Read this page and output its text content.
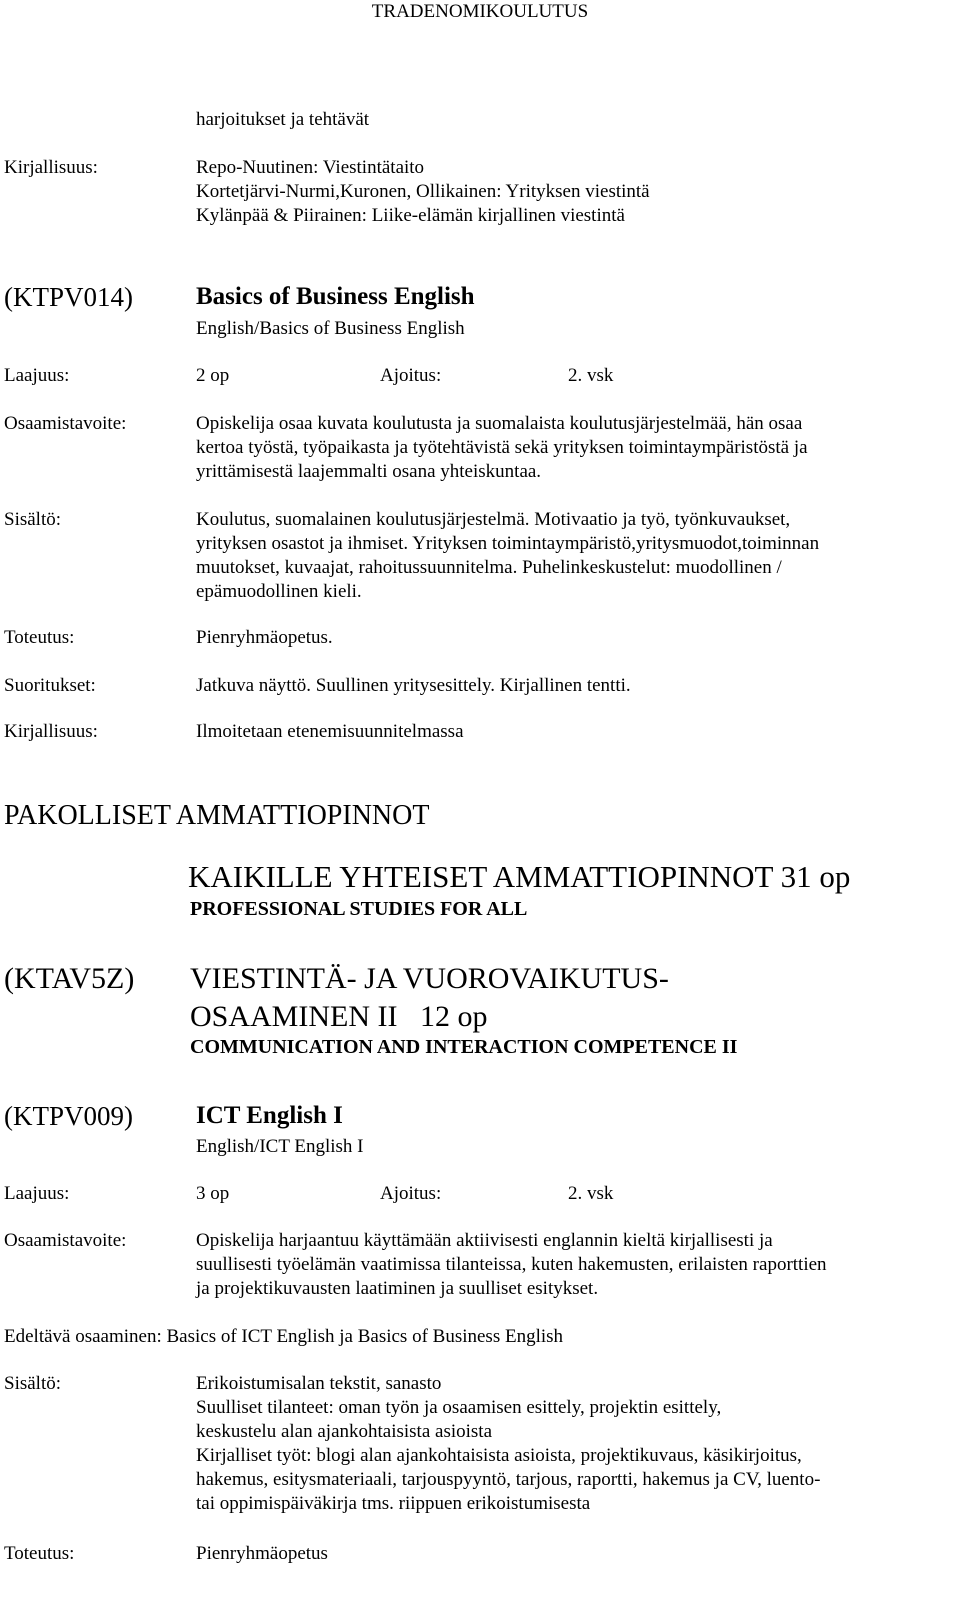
TRADENOMIKOULUTUS
harjoitukset ja tehtävät
Kirjallisuus:	Repo-Nuutinen: Viestintätaito
Kortetjärvi-Nurmi,Kuronen, Ollikainen: Yrityksen viestintä
Kylänpää & Piirainen: Liike-elämän kirjallinen viestintä
(KTPV014)	Basics of Business English
English/Basics of Business English
Laajuus:	2 op	Ajoitus:	2. vsk
Osaamistavoite:	Opiskelija osaa kuvata koulutusta ja suomalaista koulutusjärjestelmää, hän osaa
kertoa työstä, työpaikasta ja työtehtävistä sekä yrityksen toimintaympäristöstä ja
yrittämisestä laajemmalti osana yhteiskuntaa.
Sisältö:	Koulutus, suomalainen koulutusjärjestelmä. Motivaatio ja työ, työnkuvaukset,
yrityksen osastot ja ihmiset. Yrityksen toimintaympäristö,yritysmuodot,toiminnan
muutokset, kuvaajat, rahoitussuunnitelma. Puhelinkeskustelut: muodollinen /
epämuodollinen kieli.
Toteutus:	Pienryhmäopetus.
Suoritukset:	Jatkuva näyttö. Suullinen yritysesittely. Kirjallinen tentti.
Kirjallisuus:	Ilmoitetaan etenemisuunnitelmassa
PAKOLLISET AMMATTIOPINNOT
KAIKILLE YHTEISET AMMATTIOPINNOT 31 op
PROFESSIONAL STUDIES FOR ALL
(KTAV5Z) VIESTINTÄ- JA VUOROVAIKUTUS-
OSAAMINEN II   12 op
COMMUNICATION AND INTERACTION COMPETENCE II
(KTPV009)	ICT English I
English/ICT English I
Laajuus:	3 op	Ajoitus:	2. vsk
Osaamistavoite:	Opiskelija harjaantuu käyttämään aktiivisesti englannin kieltä kirjallisesti ja
suullisesti työelämän vaatimissa tilanteissa, kuten hakemusten, erilaisten raporttien
ja projektikuvausten laatiminen ja suulliset esitykset.
Edeltävä osaaminen: Basics of ICT English ja Basics of Business English
Sisältö:	Erikoistumisalan tekstit, sanasto
Suulliset tilanteet: oman työn ja osaamisen esittely, projektin esittely,
keskustelu alan ajankohtaisista asioista
Kirjalliset työt: blogi alan ajankohtaisista asioista, projektikuvaus, käsikirjoitus,
hakemus, esitysmateriaali, tarjouspyyntö, tarjous, raportti, hakemus ja CV, luento-
tai oppimispäiväkirja tms. riippuen erikoistumisesta
Toteutus:	Pienryhmäopetus
